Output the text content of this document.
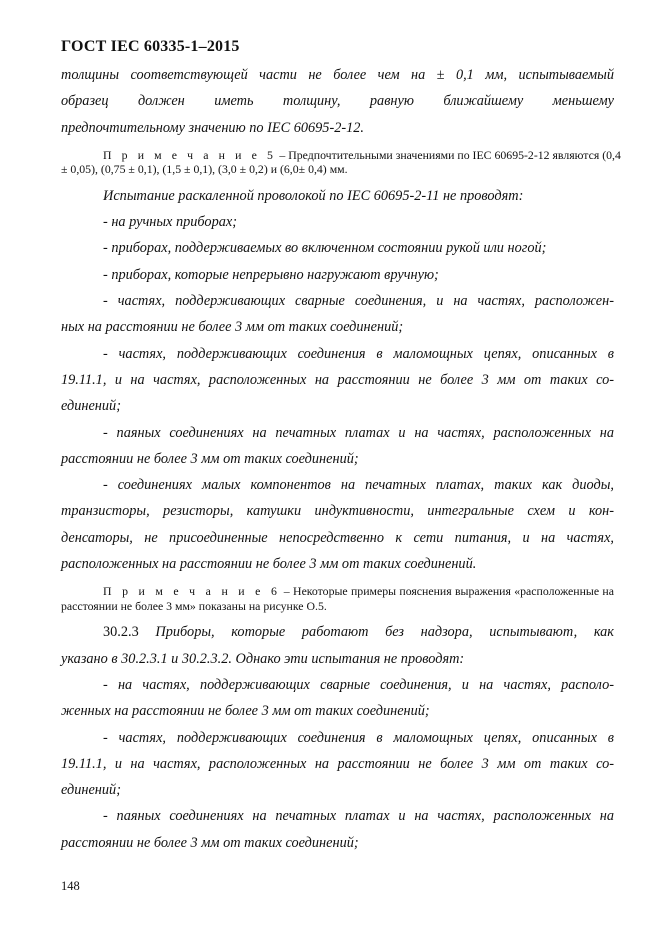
ГОСТ IEC 60335-1–2015
толщины соответствующей части не более чем на ± 0,1 мм, испытываемый
образец должен иметь толщину, равную ближайшему меньшему
предпочтительному значению по IEC 60695-2-12.
П р и м е ч а н и е 5 – Предпочтительными значениями по IEC 60695-2-12 являются (0,4
± 0,05), (0,75 ± 0,1), (1,5 ± 0,1), (3,0 ± 0,2) и (6,0± 0,4) мм.
Испытание раскаленной проволокой по IEC 60695-2-11 не проводят:
- на ручных приборах;
- приборах, поддерживаемых во включенном состоянии рукой или ногой;
- приборах, которые непрерывно нагружают вручную;
- частях, поддерживающих сварные соединения, и на частях, расположен-
ных на расстоянии не более 3 мм от таких соединений;
- частях, поддерживающих соединения в маломощных цепях, описанных в
19.11.1, и на частях, расположенных на расстоянии не более 3 мм от таких со-
единений;
- паяных соединениях на печатных платах и на частях, расположенных на
расстоянии не более 3 мм от таких соединений;
- соединениях малых компонентов на печатных платах, таких как диоды,
транзисторы, резисторы, катушки индуктивности, интегральные схем и кон-
денсаторы, не присоединенные непосредственно к сети питания, и на частях,
расположенных на расстоянии не более 3 мм от таких соединений.
П р и м е ч а н и е 6 – Некоторые примеры пояснения выражения «расположенные на
расстоянии не более 3 мм» показаны на рисунке О.5.
30.2.3 Приборы, которые работают без надзора, испытывают, как
указано в 30.2.3.1 и 30.2.3.2. Однако эти испытания не проводят:
- на частях, поддерживающих сварные соединения, и на частях, располо-
женных на расстоянии не более 3 мм от таких соединений;
- частях, поддерживающих соединения в маломощных цепях, описанных в
19.11.1, и на частях, расположенных на расстоянии не более 3 мм от таких со-
единений;
- паяных соединениях на печатных платах и на частях, расположенных на
расстоянии не более 3 мм от таких соединений;
148
